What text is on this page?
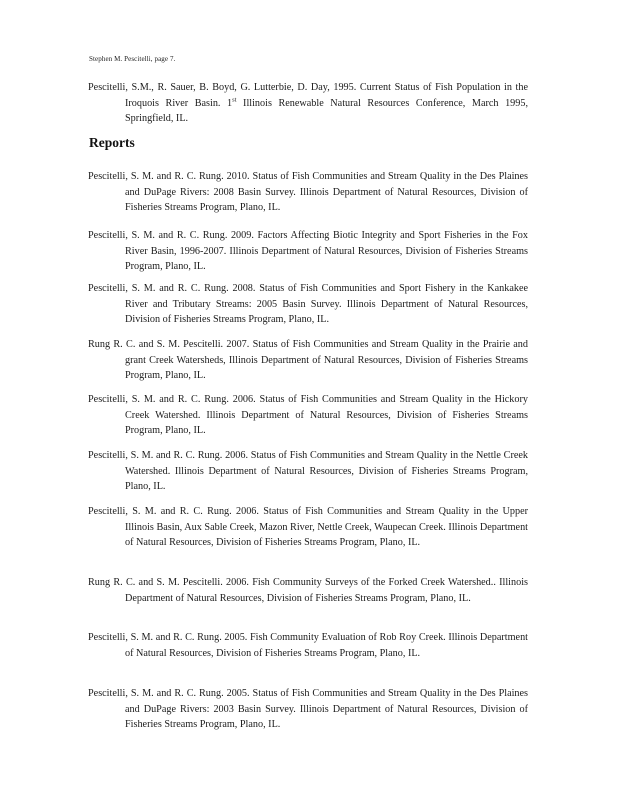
Stephen M. Pescitelli, page 7.
Pescitelli, S.M., R. Sauer, B. Boyd, G. Lutterbie, D. Day, 1995. Current Status of Fish Population in the Iroquois River Basin. 1st Illinois Renewable Natural Resources Conference, March 1995, Springfield, IL.
Reports
Pescitelli, S. M. and R. C. Rung. 2010. Status of Fish Communities and Stream Quality in the Des Plaines and DuPage Rivers: 2008 Basin Survey. Illinois Department of Natural Resources, Division of Fisheries Streams Program, Plano, IL.
Pescitelli, S. M. and R. C. Rung. 2009. Factors Affecting Biotic Integrity and Sport Fisheries in the Fox River Basin, 1996-2007. Illinois Department of Natural Resources, Division of Fisheries Streams Program, Plano, IL.
Pescitelli, S. M. and R. C. Rung. 2008. Status of Fish Communities and Sport Fishery in the Kankakee River and Tributary Streams: 2005 Basin Survey. Illinois Department of Natural Resources, Division of Fisheries Streams Program, Plano, IL.
Rung R. C. and S. M. Pescitelli. 2007. Status of Fish Communities and Stream Quality in the Prairie and grant Creek Watersheds, Illinois Department of Natural Resources, Division of Fisheries Streams Program, Plano, IL.
Pescitelli, S. M. and R. C. Rung. 2006. Status of Fish Communities and Stream Quality in the Hickory Creek Watershed. Illinois Department of Natural Resources, Division of Fisheries Streams Program, Plano, IL.
Pescitelli, S. M. and R. C. Rung. 2006. Status of Fish Communities and Stream Quality in the Nettle Creek Watershed. Illinois Department of Natural Resources, Division of Fisheries Streams Program, Plano, IL.
Pescitelli, S. M. and R. C. Rung. 2006. Status of Fish Communities and Stream Quality in the Upper Illinois Basin, Aux Sable Creek, Mazon River, Nettle Creek, Waupecan Creek. Illinois Department of Natural Resources, Division of Fisheries Streams Program, Plano, IL.
Rung R. C. and S. M. Pescitelli. 2006. Fish Community Surveys of the Forked Creek Watershed.. Illinois Department of Natural Resources, Division of Fisheries Streams Program, Plano, IL.
Pescitelli, S. M. and R. C. Rung. 2005. Fish Community Evaluation of Rob Roy Creek. Illinois Department of Natural Resources, Division of Fisheries Streams Program, Plano, IL.
Pescitelli, S. M. and R. C. Rung. 2005. Status of Fish Communities and Stream Quality in the Des Plaines and DuPage Rivers: 2003 Basin Survey. Illinois Department of Natural Resources, Division of Fisheries Streams Program, Plano, IL.
